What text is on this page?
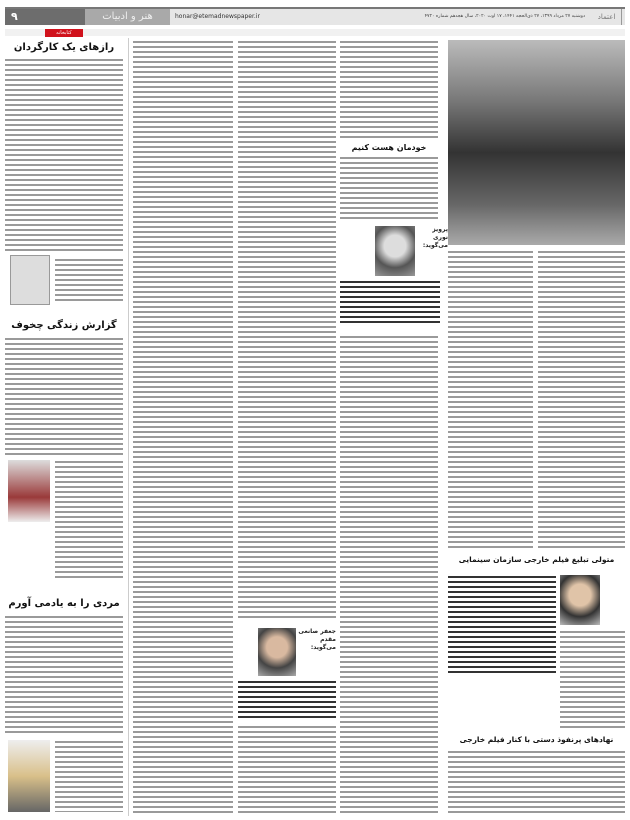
۹	هنر و ادبیات	honar@etemadnewspaper.ir	دوشنبه ۲۷ مرداد ۱۳۹۹، ۲۷ ذی‌الحجه ۱۴۴۱، ۱۷ اوت ۲۰۲۰، سال هجدهم شماره ۴۷۲۰	اعتماد
کتابخانه
رازهای یک کارگردان
گزارش زندگی چخوف
مردی را به یادمی آورم
خودمان هست کنیم
پرویز نوری می‌گوید:
جعفر صانعی مقدم می‌گوید:
متولی تبلیغ فیلم خارجی سازمان سینمایی
نهادهای پرنفوذ دستی با کنار فیلم خارجی
